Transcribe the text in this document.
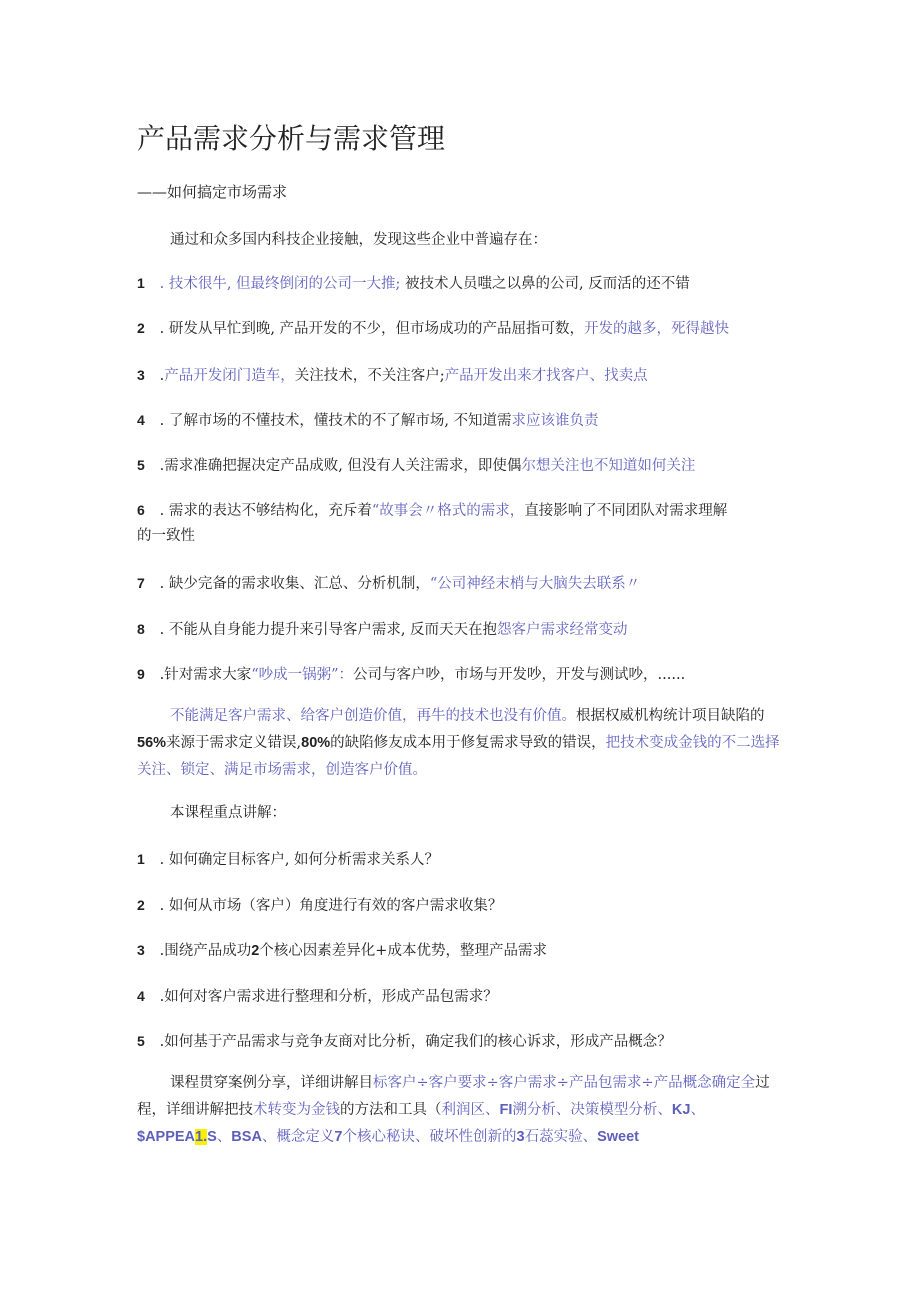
产品需求分析与需求管理
——如何搞定市场需求
通过和众多国内科技企业接触，发现这些企业中普遍存在：
1 . 技术很牛, 但最终倒闭的公司一大推; 被技术人员嗤之以鼻的公司, 反而活的还不错
2 . 研发从早忙到晚, 产品开发的不少，但市场成功的产品屈指可数，开发的越多，死得越快
3 .产品开发闭门造车，关注技术，不关注客户;产品开发出来才找客户、找卖点
4 . 了解市场的不懂技术，懂技术的不了解市场, 不知道需求应该谁负责
5 .需求准确把握决定产品成败, 但没有人关注需求，即使偶尔想关注也不知道如何关注
6 . 需求的表达不够结构化，充斥着“故事会〃格式的需求，直接影响了不同团队对需求理解
的一致性
7 . 缺少完备的需求收集、汇总、分析机制，“公司神经末梢与大脑失去联系〃
8 . 不能从自身能力提升来引导客户需求, 反而天天在抱怨客户需求经常变动
9 .针对需求大家“吵成一锅粥”：公司与客户吵，市场与开发吵，开发与测试吵，......
不能满足客户需求、给客户创造价值，再牛的技术也没有价值。根据权威机构统计项目缺陷的56%来源于需求定义错误,80%的缺陷修友成本用于修复需求导致的错误，把技术变成金钱的不二选择关注、锁定、满足市场需求，创造客户价值。
本课程重点讲解：
1 . 如何确定目标客户, 如何分析需求关系人？
2 . 如何从市场（客户）角度进行有效的客户需求收集？
3 .围绕产品成功2个核心因素差异化+成本优势，整理产品需求
4 .如何对客户需求进行整理和分析，形成产品包需求？
5 .如何基于产品需求与竞争友商对比分析，确定我们的核心诉求，形成产品概念？
课程贯穿案例分享，详细讲解目标客户÷客户要求÷客户需求÷产品包需求÷产品概念确定全过程，详细讲解把技术转变为金钱的方法和工具（利润区、FI溯分析、决策模型分析、KJ、$APPEA1.S、BSA、概念定义7个核心秘诀、破坏性创新的3石蕊实验、Sweet
